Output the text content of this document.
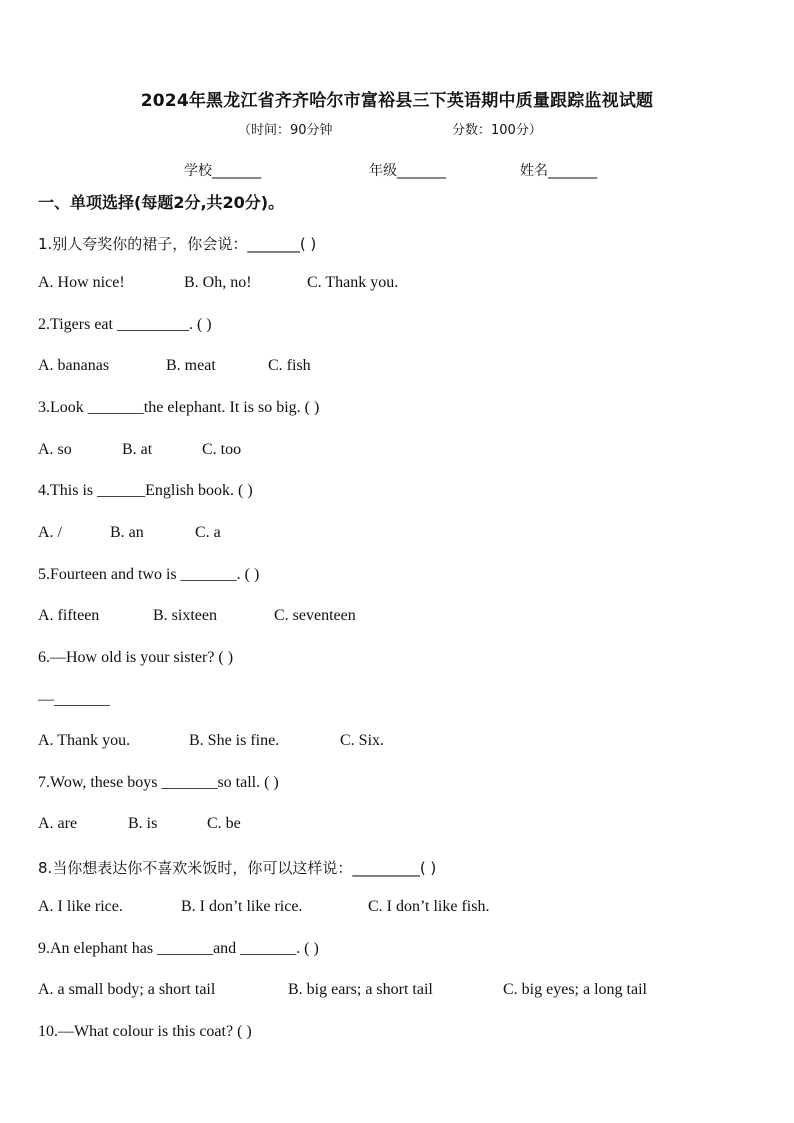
2024年黑龙江省齐齐哈尔市富裕县三下英语期中质量跟踪监视试题
（时间：90分钟	分数：100分）
学校_______	年级_______	姓名_______
一、单项选择(每题2分,共20分)。
1.别人夸奖你的裙子，你会说：_______( )
A. How nice!	B. Oh, no!	C. Thank you.
2.Tigers eat _________. ( )
A. bananas	B. meat	C. fish
3.Look _______the elephant. It is so big. ( )
A. so	B. at	C. too
4.This is ______English book. ( )
A. /	B. an	C. a
5.Fourteen and two is _______. ( )
A. fifteen	B. sixteen	C. seventeen
6.—How old is your sister? ( )
—_______
A. Thank you.	B. She is fine.	C. Six.
7.Wow, these boys _______so tall. ( )
A. are	B. is	C. be
8.当你想表达你不喜欢米饭时，你可以这样说：_________( )
A. I like rice.	B. I don’t like rice.	C. I don’t like fish.
9.An elephant has _______and _______. ( )
A. a small body; a short tail	B. big ears; a short tail	C. big eyes; a long tail
10.—What colour is this coat? ( )
